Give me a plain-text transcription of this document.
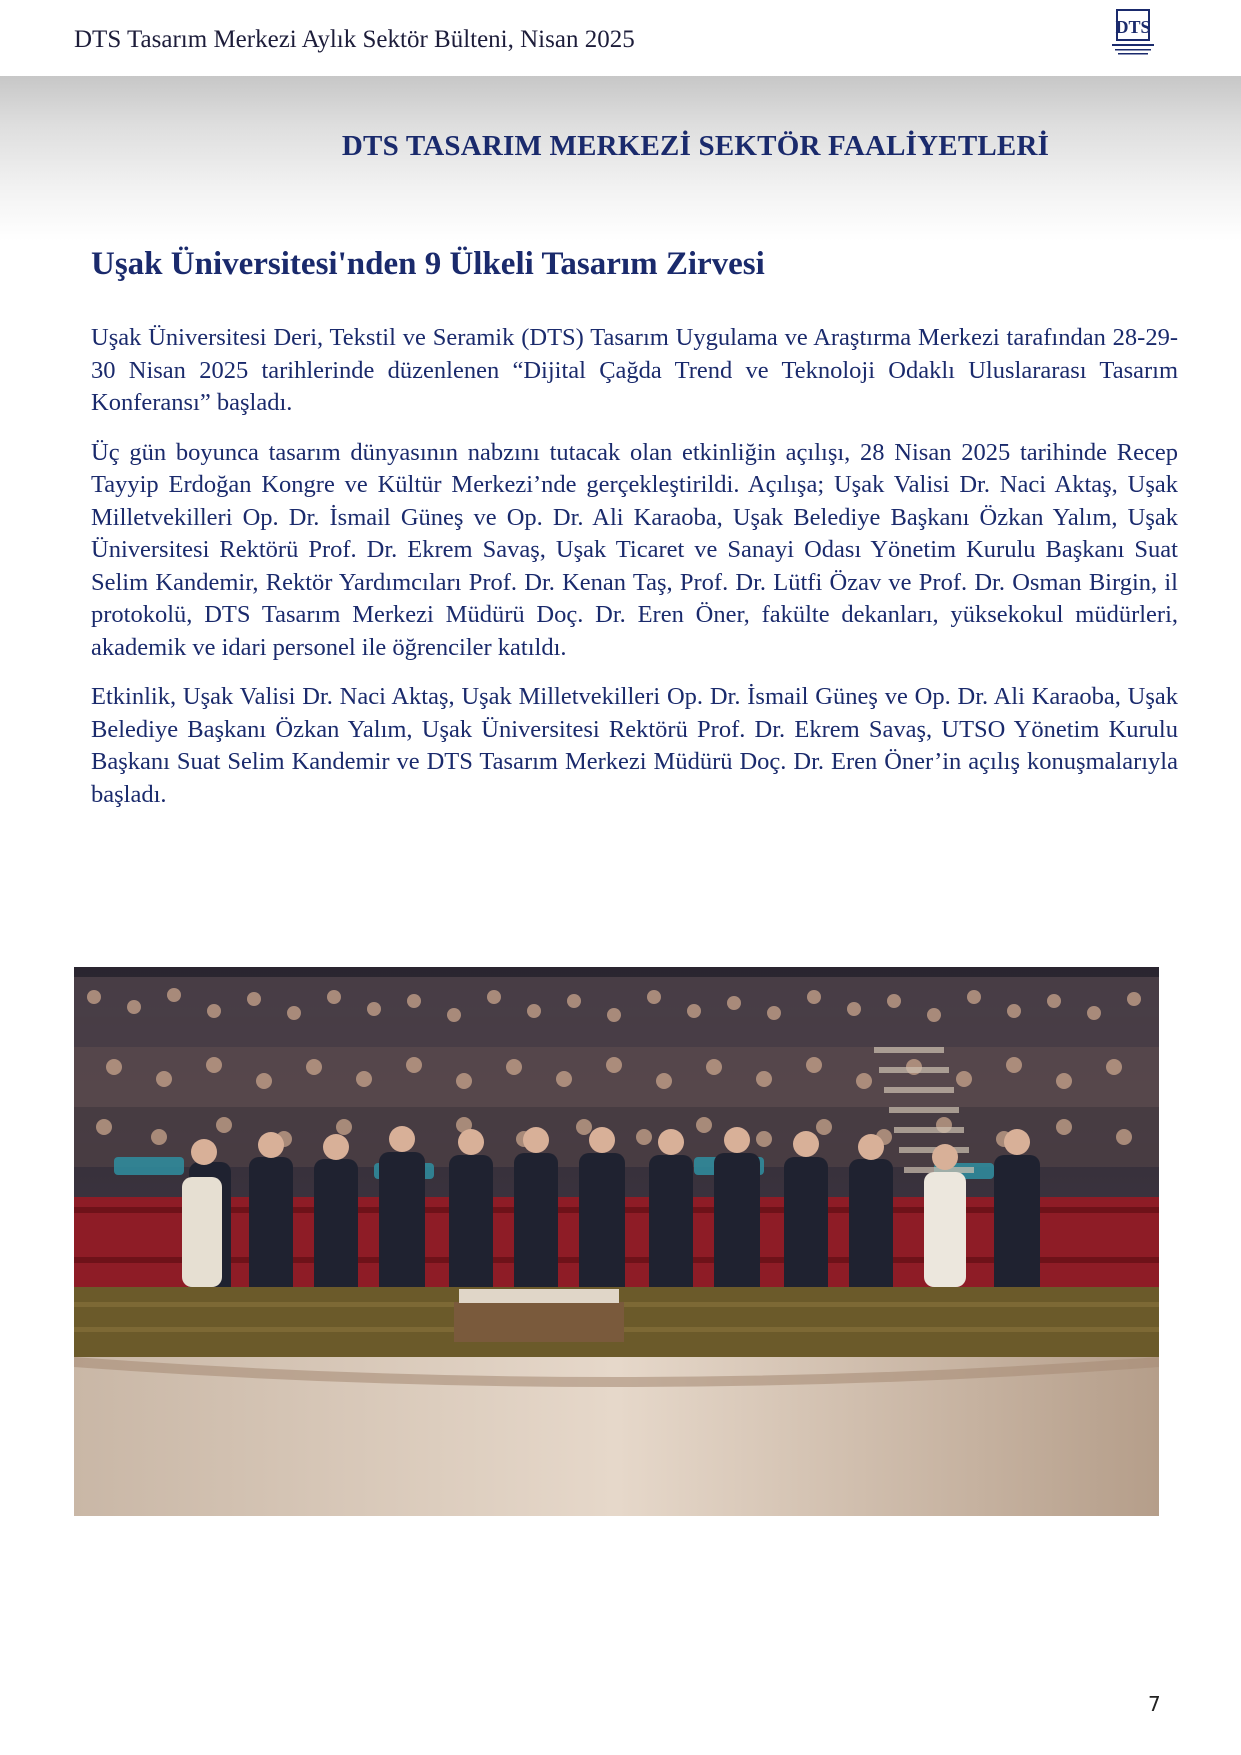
DTS Tasarım Merkezi Aylık Sektör Bülteni, Nisan 2025	DTS
DTS TASARIM MERKEZİ SEKTÖR FAALİYETLERİ
Uşak Üniversitesi'nden 9 Ülkeli Tasarım Zirvesi

Uşak Üniversitesi Deri, Tekstil ve Seramik (DTS) Tasarım Uygulama ve Araştırma Merkezi tarafından 28-29-30 Nisan 2025 tarihlerinde düzenlenen “Dijital Çağda Trend ve Teknoloji Odaklı Uluslararası Tasarım Konferansı” başladı.

Üç gün boyunca tasarım dünyasının nabzını tutacak olan etkinliğin açılışı, 28 Nisan 2025 tarihinde Recep Tayyip Erdoğan Kongre ve Kültür Merkezi’nde gerçekleştirildi. Açılışa; Uşak Valisi Dr. Naci Aktaş, Uşak Milletvekilleri Op. Dr. İsmail Güneş ve Op. Dr. Ali Karaoba, Uşak Belediye Başkanı Özkan Yalım, Uşak Üniversitesi Rektörü Prof. Dr. Ekrem Savaş, Uşak Ticaret ve Sanayi Odası Yönetim Kurulu Başkanı Suat Selim Kandemir, Rektör Yardımcıları Prof. Dr. Kenan Taş, Prof. Dr. Lütfi Özav ve Prof. Dr. Osman Birgin, il protokolü, DTS Tasarım Merkezi Müdürü Doç. Dr. Eren Öner, fakülte dekanları, yüksekokul müdürleri, akademik ve idari personel ile öğrenciler katıldı.

Etkinlik, Uşak Valisi Dr. Naci Aktaş, Uşak Milletvekilleri Op. Dr. İsmail Güneş ve Op. Dr. Ali Karaoba, Uşak Belediye Başkanı Özkan Yalım, Uşak Üniversitesi Rektörü Prof. Dr. Ekrem Savaş, UTSO Yönetim Kurulu Başkanı Suat Selim Kandemir ve DTS Tasarım Merkezi Müdürü Doç. Dr. Eren Öner’in açılış konuşmalarıyla başladı.

7
